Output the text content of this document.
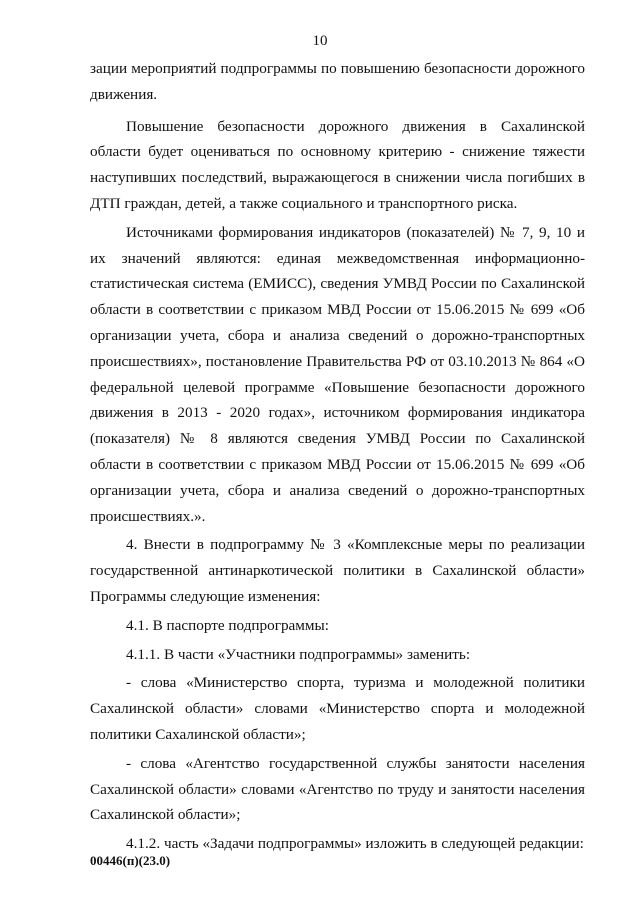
10

зации мероприятий подпрограммы по повышению безопасности дорожного движения.

Повышение безопасности дорожного движения в Сахалинской области будет оцениваться по основному критерию - снижение тяжести наступивших последствий, выражающегося в снижении числа погибших в ДТП граждан, детей, а также социального и транспортного риска.

Источниками формирования индикаторов (показателей) № 7, 9, 10 и их значений являются: единая межведомственная информационно-статистическая система (ЕМИСС), сведения УМВД России по Сахалинской области в соответствии с приказом МВД России от 15.06.2015 № 699 «Об организации учета, сбора и анализа сведений о дорожно-транспортных происшествиях», постановление Правительства РФ от 03.10.2013 № 864 «О федеральной целевой программе «Повышение безопасности дорожного движения в 2013 - 2020 годах», источником формирования индикатора (показателя) № 8 являются сведения УМВД России по Сахалинской области в соответствии с приказом МВД России от 15.06.2015 № 699 «Об организации учета, сбора и анализа сведений о дорожно-транспортных происшествиях.».

4. Внести в подпрограмму № 3 «Комплексные меры по реализации государственной антинаркотической политики в Сахалинской области» Программы следующие изменения:

4.1. В паспорте подпрограммы:

4.1.1. В части «Участники подпрограммы» заменить:

- слова «Министерство спорта, туризма и молодежной политики Сахалинской области» словами «Министерство спорта и молодежной политики Сахалинской области»;

- слова «Агентство государственной службы занятости населения Сахалинской области» словами «Агентство по труду и занятости населения Сахалинской области»;

4.1.2. часть «Задачи подпрограммы» изложить в следующей редакции:

00446(п)(23.0)
